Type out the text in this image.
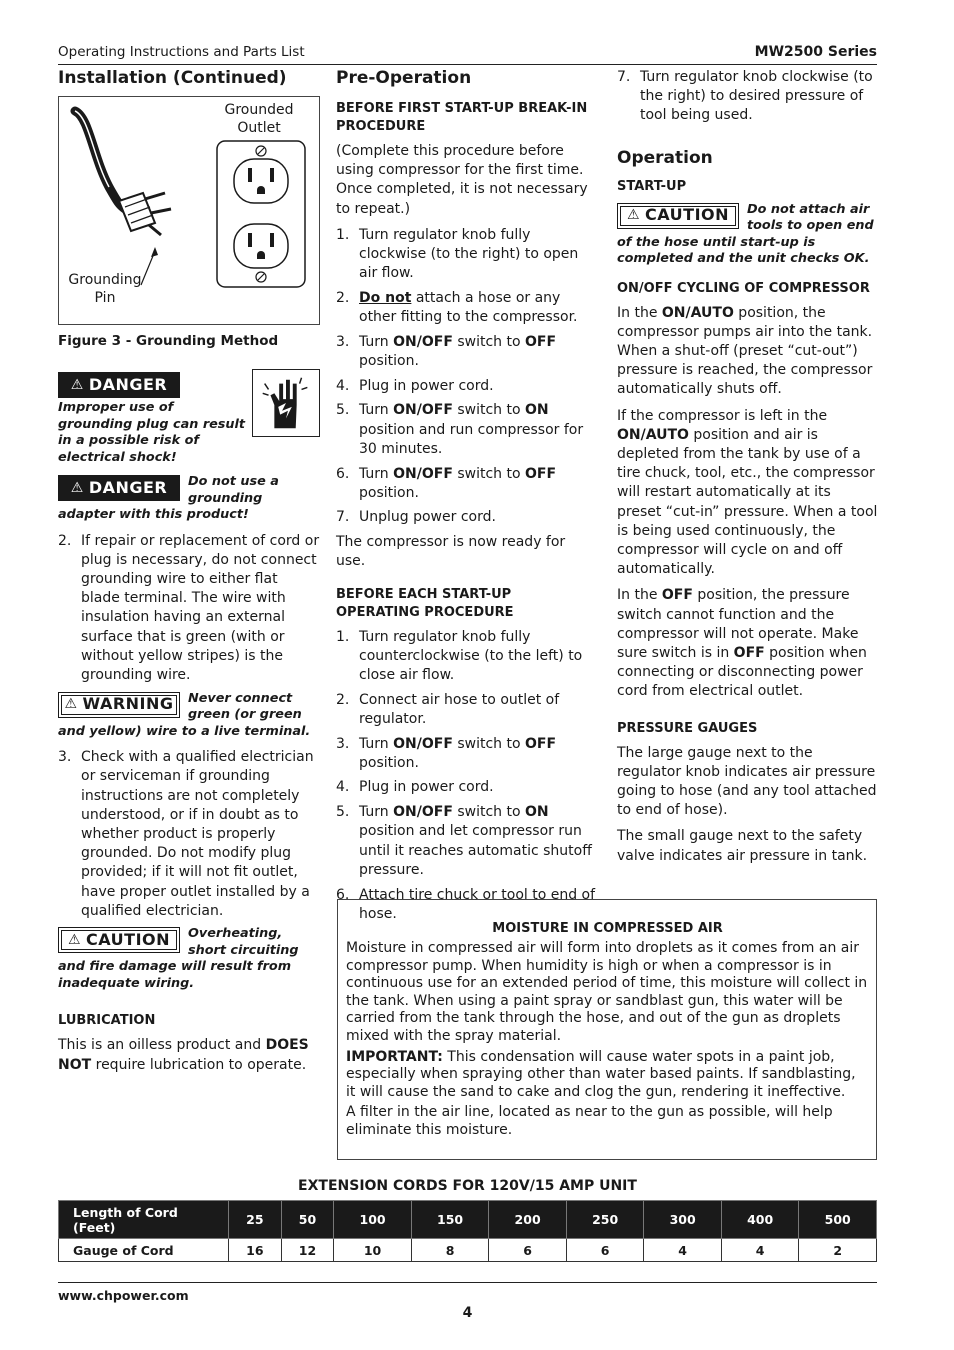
Operating Instructions and Parts List	MW2500 Series
Installation (Continued)
Grounded
Outlet
Grounding
Pin
Figure 3 - Grounding Method
⚠ DANGER
Improper use of grounding plug can result in a possible risk of electrical shock!
⚠ DANGER Do not use a grounding adapter with this product!
2. If repair or replacement of cord or plug is necessary, do not connect grounding wire to either flat blade terminal. The wire with insulation having an external surface that is green (with or without yellow stripes) is the grounding wire.
⚠ WARNING Never connect green (or green and yellow) wire to a live terminal.
3. Check with a qualified electrician or serviceman if grounding instructions are not completely understood, or if in doubt as to whether product is properly grounded. Do not modify plug provided; if it will not fit outlet, have proper outlet installed by a qualified electrician.
⚠ CAUTION Overheating, short circuiting and fire damage will result from inadequate wiring.
LUBRICATION

This is an oilless product and DOES NOT require lubrication to operate.

Pre-Operation
BEFORE FIRST START-UP BREAK-IN PROCEDURE

(Complete this procedure before using compressor for the first time. Once completed, it is not necessary to repeat.)

1. Turn regulator knob fully clockwise (to the right) to open air flow.
2. Do not attach a hose or any other fitting to the compressor.
3. Turn ON/OFF switch to OFF position.
4. Plug in power cord.
5. Turn ON/OFF switch to ON position and run compressor for 30 minutes.
6. Turn ON/OFF switch to OFF position.
7. Unplug power cord.

The compressor is now ready for use.

BEFORE EACH START-UP OPERATING PROCEDURE
1. Turn regulator knob fully counterclockwise (to the left) to close air flow.
2. Connect air hose to outlet of regulator.
3. Turn ON/OFF switch to OFF position.
4. Plug in power cord.
5. Turn ON/OFF switch to ON position and let compressor run until it reaches automatic shutoff pressure.
6. Attach tire chuck or tool to end of hose.
7. Turn regulator knob clockwise (to the right) to desired pressure of tool being used.
Operation
START-UP
⚠ CAUTION Do not attach air tools to open end of the hose until start-up is completed and the unit checks OK.
ON/OFF CYCLING OF COMPRESSOR

In the ON/AUTO position, the compressor pumps air into the tank. When a shut-off (preset “cut-out”) pressure is reached, the compressor automatically shuts off.

If the compressor is left in the ON/AUTO position and air is depleted from the tank by use of a tire chuck, tool, etc., the compressor will restart automatically at its preset “cut-in” pressure. When a tool is being used continuously, the compressor will cycle on and off automatically.

In the OFF position, the pressure switch cannot function and the compressor will not operate. Make sure switch is in OFF position when connecting or disconnecting power cord from electrical outlet.

PRESSURE GAUGES

The large gauge next to the regulator knob indicates air pressure going to hose (and any tool attached to end of hose).

The small gauge next to the safety valve indicates air pressure in tank.

MOISTURE IN COMPRESSED AIR

Moisture in compressed air will form into droplets as it comes from an air compressor pump. When humidity is high or when a compressor is in continuous use for an extended period of time, this moisture will collect in the tank. When using a paint spray or sandblast gun, this water will be carried from the tank through the hose, and out of the gun as droplets mixed with the spray material.

IMPORTANT: This condensation will cause water spots in a paint job, especially when spraying other than water based paints. If sandblasting, it will cause the sand to cake and clog the gun, rendering it ineffective.

A filter in the air line, located as near to the gun as possible, will help eliminate this moisture.

EXTENSION CORDS FOR 120V/15 AMP UNIT
Length of Cord
(Feet)	25	50	100	150	200	250	300	400	500
Gauge of Cord	16	12	10	8	6	6	4	4	2
www.chpower.com
4
